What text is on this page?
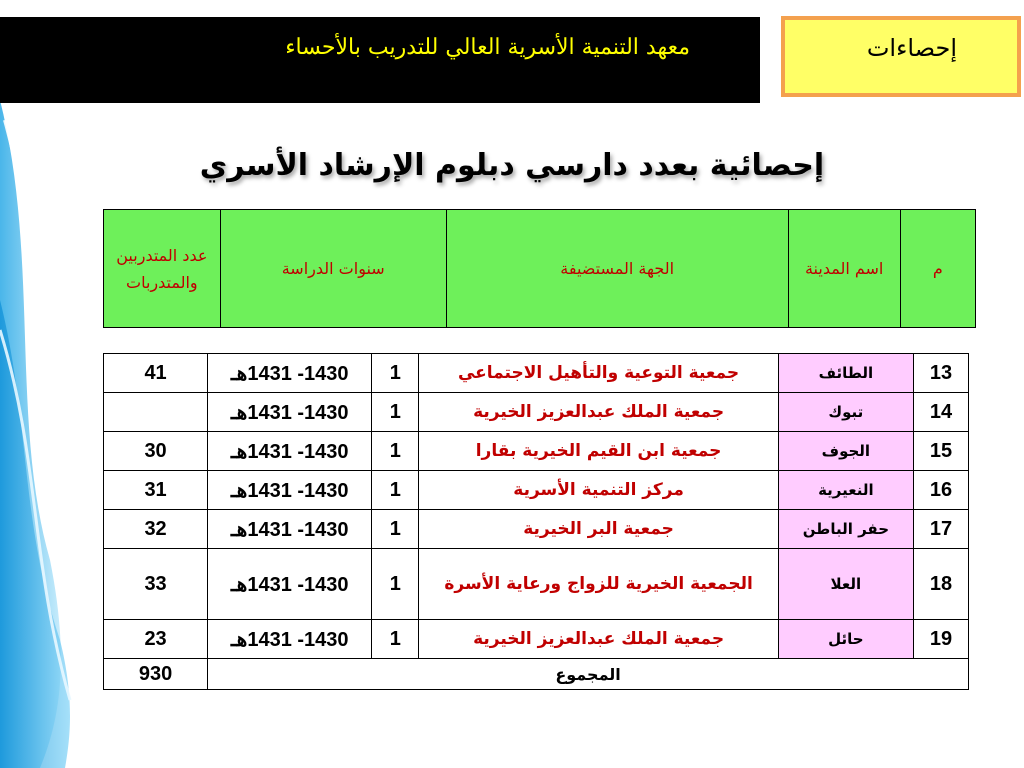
معهد التنمية الأسرية العالي للتدريب بالأحساء	إحصاءات
إحصائية بعدد دارسي دبلوم الإرشاد الأسري
م	اسم المدينة	الجهة المستضيفة	سنوات الدراسة	عدد المتدربين والمتدربات
13	الطائف	جمعية التوعية والتأهيل الاجتماعي	1	1430- 1431هـ	41
14	تبوك	جمعية الملك عبدالعزيز الخيرية	1	1430- 1431هـ	
15	الجوف	جمعية ابن القيم الخيرية بقارا	1	1430- 1431هـ	30
16	النعيرية	مركز التنمية الأسرية	1	1430- 1431هـ	31
17	حفر الباطن	جمعية البر الخيرية	1	1430- 1431هـ	32
18	العلا	الجمعية الخيرية للزواج ورعاية الأسرة	1	1430- 1431هـ	33
19	حائل	جمعية الملك عبدالعزيز الخيرية	1	1430- 1431هـ	23
المجموع					930
